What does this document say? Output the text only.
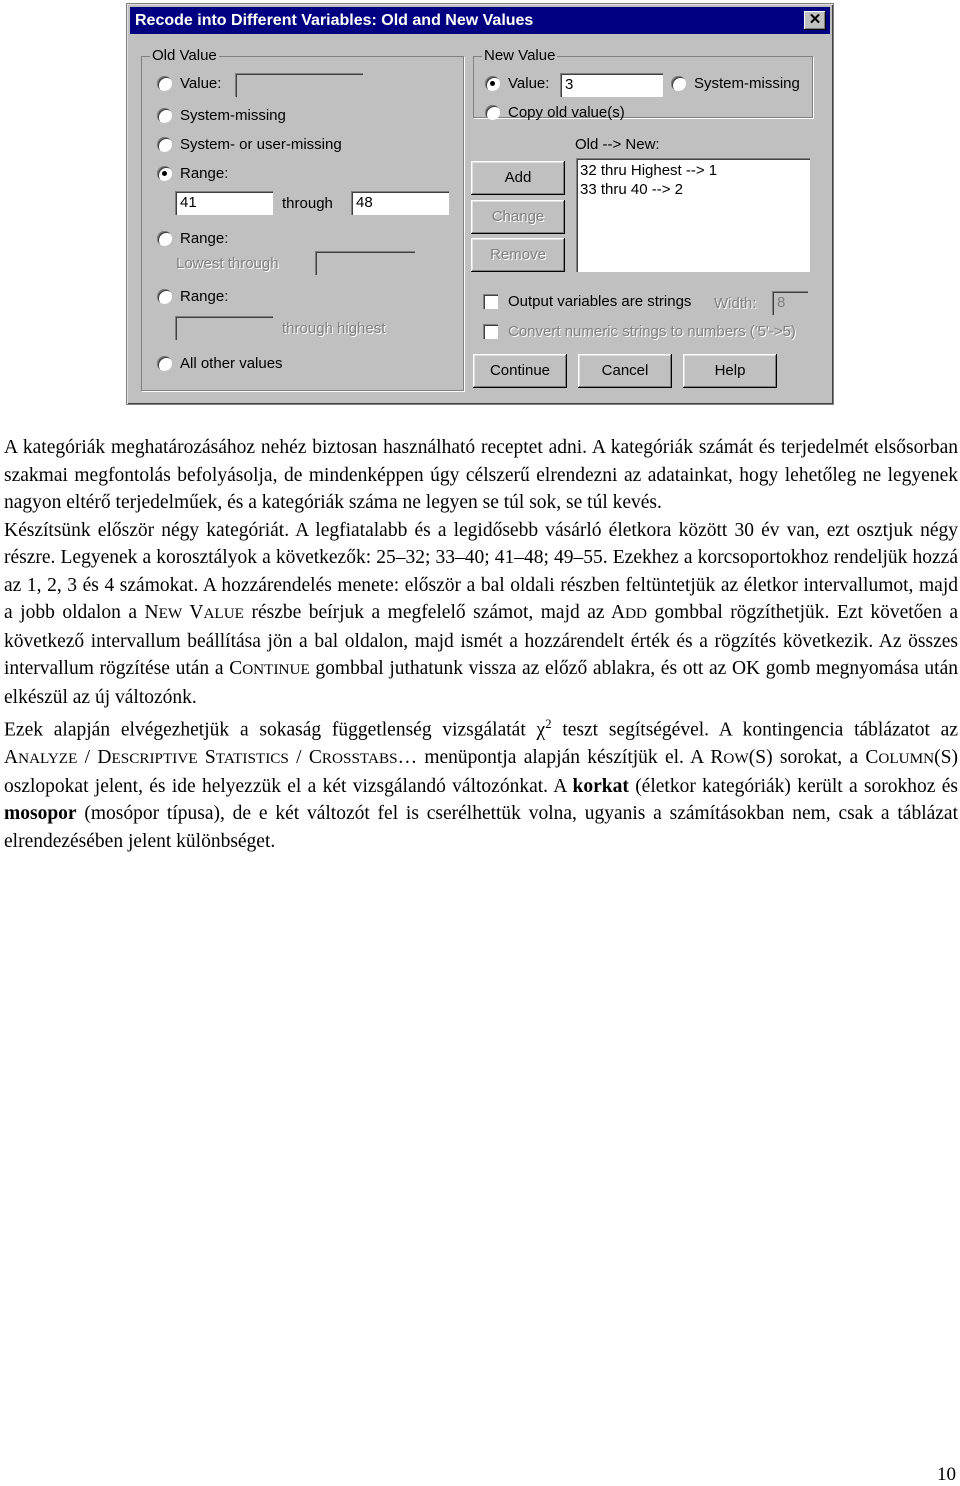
Recode into Different Variables: Old and New Values	✕
Old Value
Value:
System-missing
System- or user-missing
Range:
41	through	48
Range:
Lowest through
Range:
through highest
All other values
New Value
Value:	3	System-missing
Copy old value(s)
Old --> New:
32 thru Highest --> 1
33 thru 40 --> 2
Add
Change
Remove
Output variables are strings Width:	8
Convert numeric strings to numbers ('5'->5)
Continue	Cancel	Help

A kategóriák meghatározásához nehéz biztosan használható receptet adni. A kategóriák számát és terjedelmét elsősorban szakmai megfontolás befolyásolja, de mindenképpen úgy célszerű elrendezni az adatainkat, hogy lehetőleg ne legyenek nagyon eltérő terjedelműek, és a kategóriák száma ne legyen se túl sok, se túl kevés.

Készítsünk először négy kategóriát. A legfiatalabb és a legidősebb vásárló életkora között 30 év van, ezt osztjuk négy részre. Legyenek a korosztályok a következők: 25–32; 33–40; 41–48; 49–55. Ezekhez a korcsoportokhoz rendeljük hozzá az 1, 2, 3 és 4 számokat. A hozzárendelés menete: először a bal oldali részben feltüntetjük az életkor intervallumot, majd a jobb oldalon a NEW VALUE részbe beírjuk a megfelelő számot, majd az ADD gombbal rögzíthetjük. Ezt követően a következő intervallum beállítása jön a bal oldalon, majd ismét a hozzárendelt érték és a rögzítés következik. Az összes intervallum rögzítése után a CONTINUE gombbal juthatunk vissza az előző ablakra, és ott az OK gomb megnyomása után elkészül az új változónk.

Ezek alapján elvégezhetjük a sokaság függetlenség vizsgálatát $\chi^2$ teszt segítségével. A kontingencia táblázatot az ANALYZE / DESCRIPTIVE STATISTICS / CROSSTABS… menüpontja alapján készítjük el. A ROW(S) sorokat, a COLUMN(S) oszlopokat jelent, és ide helyezzük el a két vizsgálandó változónkat. A korkat (életkor kategóriák) került a sorokhoz és mosopor (mosópor típusa), de e két változót fel is cserélhettük volna, ugyanis a számításokban nem, csak a táblázat elrendezésében jelent különbséget.

10
